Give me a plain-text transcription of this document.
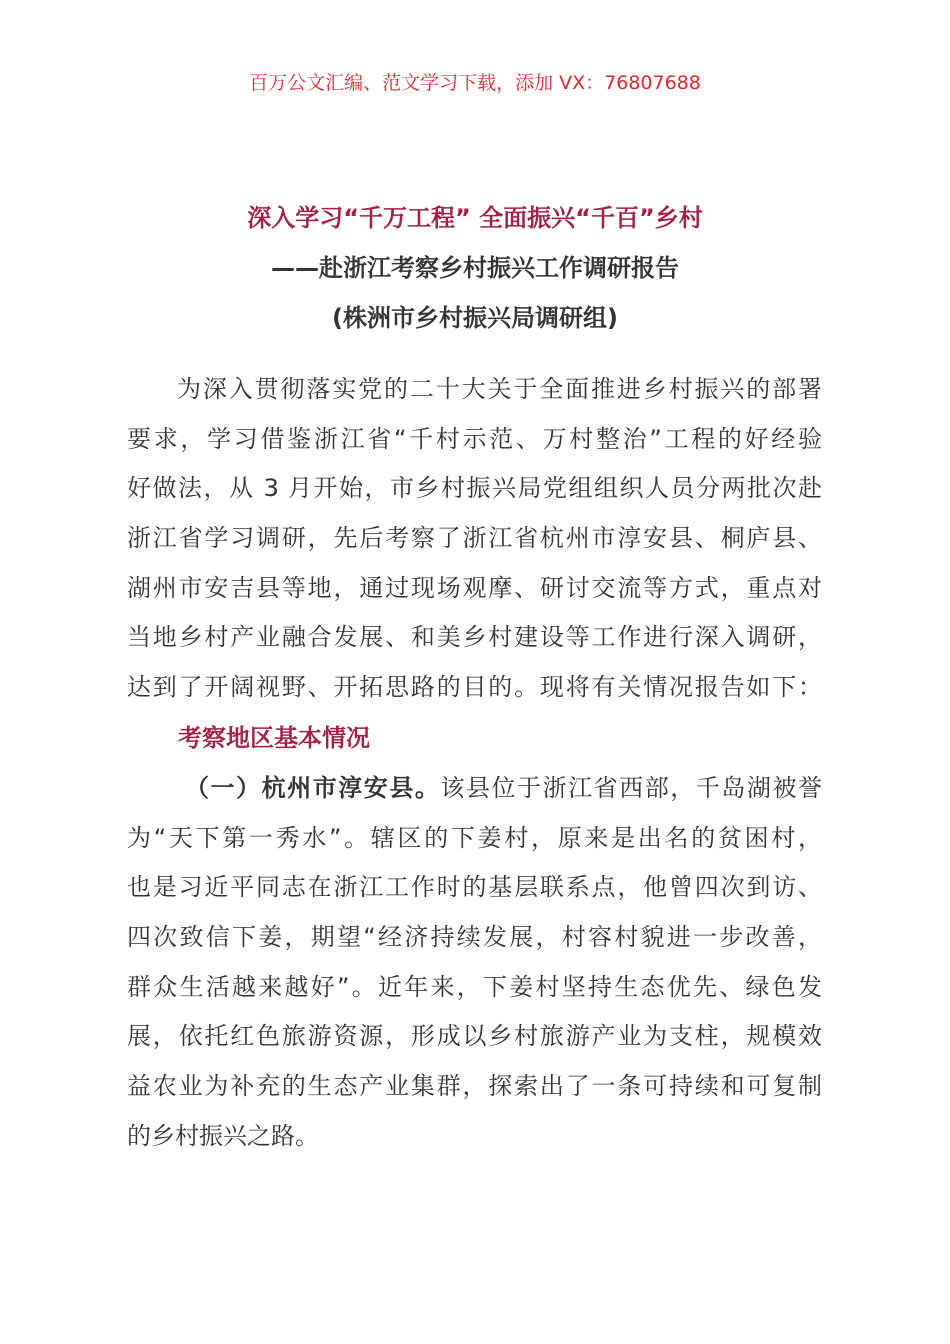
百万公文汇编、范文学习下载，添加 VX：76807688
深入学习“千万工程” 全面振兴“千百”乡村
——赴浙江考察乡村振兴工作调研报告
(株洲市乡村振兴局调研组)
为深入贯彻落实党的二十大关于全面推进乡村振兴的部署
要求，学习借鉴浙江省“千村示范、万村整治”工程的好经验
好做法，从 3 月开始，市乡村振兴局党组组织人员分两批次赴
浙江省学习调研，先后考察了浙江省杭州市淳安县、桐庐县、
湖州市安吉县等地，通过现场观摩、研讨交流等方式，重点对
当地乡村产业融合发展、和美乡村建设等工作进行深入调研，
达到了开阔视野、开拓思路的目的。现将有关情况报告如下：
考察地区基本情况
（一）杭州市淳安县。该县位于浙江省西部，千岛湖被誉
为“天下第一秀水”。辖区的下姜村，原来是出名的贫困村，
也是习近平同志在浙江工作时的基层联系点，他曾四次到访、
四次致信下姜，期望“经济持续发展，村容村貌进一步改善，
群众生活越来越好”。近年来，下姜村坚持生态优先、绿色发
展，依托红色旅游资源，形成以乡村旅游产业为支柱，规模效
益农业为补充的生态产业集群，探索出了一条可持续和可复制
的乡村振兴之路。
